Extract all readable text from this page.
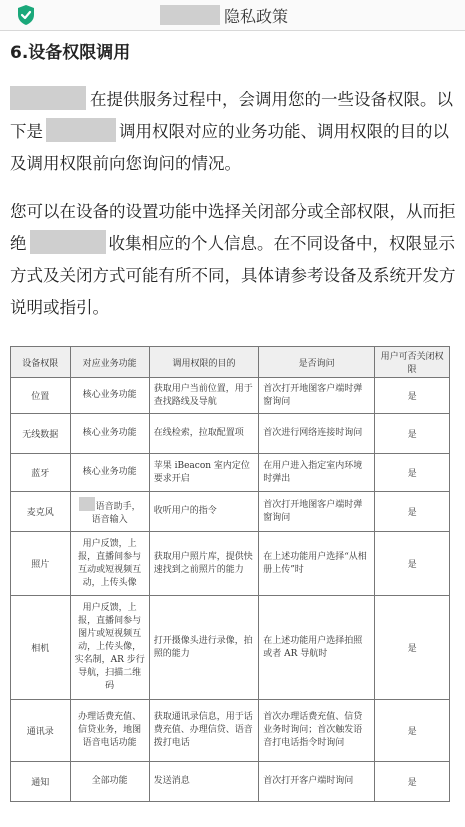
隐私政策
6.设备权限调用
在提供服务过程中，会调用您的一些设备权限。以下是	调用权限对应的业务功能、调用权限的目的以及调用权限前向您询问的情况。
您可以在设备的设置功能中选择关闭部分或全部权限，从而拒绝	收集相应的个人信息。在不同设备中，权限显示方式及关闭方式可能有所不同，具体请参考设备及系统开发方说明或指引。
设备权限	对应业务功能	调用权限的目的	是否询问	用户可否关闭权限
位置	核心业务功能	获取用户当前位置，用于查找路线及导航	首次打开地图客户端时弹窗询问	是
无线数据	核心业务功能	在线检索，拉取配置项	首次进行网络连接时询问	是
蓝牙	核心业务功能	苹果 iBeacon 室内定位要求开启	在用户进入指定室内环境时弹出	是
麦克风	语音助手，语音输入	收听用户的指令	首次打开地图客户端时弹窗询问	是
照片	用户反馈，上报，直播间参与互动或短视频互动，上传头像	获取用户照片库，提供快速找到之前照片的能力	在上述功能用户选择“从相册上传”时	是
相机	用户反馈，上报，直播间参与图片或短视频互动，上传头像，实名制，AR 步行导航，扫描二维码	打开摄像头进行录像，拍照的能力	在上述功能用户选择拍照或者 AR 导航时	是
通讯录	办理话费充值、信贷业务，地图语音电话功能	获取通讯录信息，用于话费充值、办理信贷、语音拨打电话	首次办理话费充值、信贷业务时询问；首次触发语音打电话指令时询问	是
通知	全部功能	发送消息	首次打开客户端时询问	是
